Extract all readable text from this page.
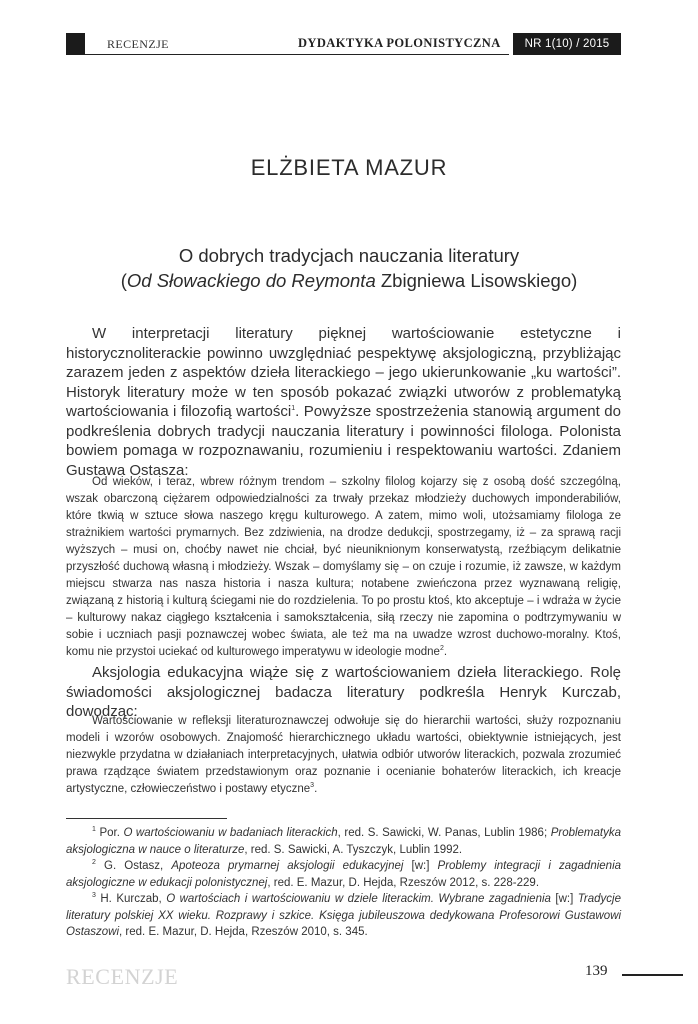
RECENZJE	DYDAKTYKA POLONISTYCZNA	NR 1(10) / 2015
ELŻBIETA MAZUR
O dobrych tradycjach nauczania literatury
(Od Słowackiego do Reymonta Zbigniewa Lisowskiego)
W interpretacji literatury pięknej wartościowanie estetyczne i historycznoliterackie powinno uwzględniać pespektywę aksjologiczną, przybliżając zarazem jeden z aspektów dzieła literackiego – jego ukierunkowanie „ku wartości”. Historyk literatury może w ten sposób pokazać związki utworów z problematyką wartościowania i filozofią wartości$^1$. Powyższe spostrzeżenia stanowią argument do podkreślenia dobrych tradycji nauczania literatury i powinności filologa. Polonista bowiem pomaga w rozpoznawaniu, rozumieniu i respektowaniu wartości. Zdaniem Gustawa Ostasza:
Od wieków, i teraz, wbrew różnym trendom – szkolny filolog kojarzy się z osobą dość szczególną, wszak obarczoną ciężarem odpowiedzialności za trwały przekaz młodzieży duchowych imponderabiliów, które tkwią w sztuce słowa naszego kręgu kulturowego. A zatem, mimo woli, utożsamiamy filologa ze strażnikiem wartości prymarnych. Bez zdziwienia, na drodze dedukcji, spostrzegamy, iż – za sprawą racji wyższych – musi on, choćby nawet nie chciał, być nieuniknionym konserwatystą, rzeźbiącym delikatnie przyszłość duchową własną i młodzieży. Wszak – domyślamy się – on czuje i rozumie, iż zawsze, w każdym miejscu stwarza nas nasza historia i nasza kultura; notabene zwieńczona przez wyznawaną religię, związaną z historią i kulturą ściegami nie do rozdzielenia. To po prostu ktoś, kto akceptuje – i wdraża w życie – kulturowy nakaz ciągłego kształcenia i samokształcenia, siłą rzeczy nie zapomina o podtrzymywaniu w sobie i uczniach pasji poznawczej wobec świata, ale też ma na uwadze wzrost duchowo-moralny. Ktoś, komu nie przystoi uciekać od kulturowego imperatywu w ideologie modne$^2$.
Aksjologia edukacyjna wiąże się z wartościowaniem dzieła literackiego. Rolę świadomości aksjologicznej badacza literatury podkreśla Henryk Kurczab, dowodząc:
Wartościowanie w refleksji literaturoznawczej odwołuje się do hierarchii wartości, służy rozpoznaniu modeli i wzorów osobowych. Znajomość hierarchicznego układu wartości, obiektywnie istniejących, jest niezwykle przydatna w działaniach interpretacyjnych, ułatwia odbiór utworów literackich, pozwala zrozumieć prawa rządzące światem przedstawionym oraz poznanie i ocenianie bohaterów literackich, ich kreacje artystyczne, człowieczeństwo i postawy etyczne$^3$.

$^1$ Por. O wartościowaniu w badaniach literackich, red. S. Sawicki, W. Panas, Lublin 1986; Problematyka aksjologiczna w nauce o literaturze, red. S. Sawicki, A. Tyszczyk, Lublin 1992.

$^2$ G. Ostasz, Apoteoza prymarnej aksjologii edukacyjnej [w:] Problemy integracji i zagadnienia aksjologiczne w edukacji polonistycznej, red. E. Mazur, D. Hejda, Rzeszów 2012, s. 228-229.

$^3$ H. Kurczab, O wartościach i wartościowaniu w dziele literackim. Wybrane zagadnienia [w:] Tradycje literatury polskiej XX wieku. Rozprawy i szkice. Księga jubileuszowa dedykowana Profesorowi Gustawowi Ostaszowi, red. E. Mazur, D. Hejda, Rzeszów 2010, s. 345.

RECENZJE	139
